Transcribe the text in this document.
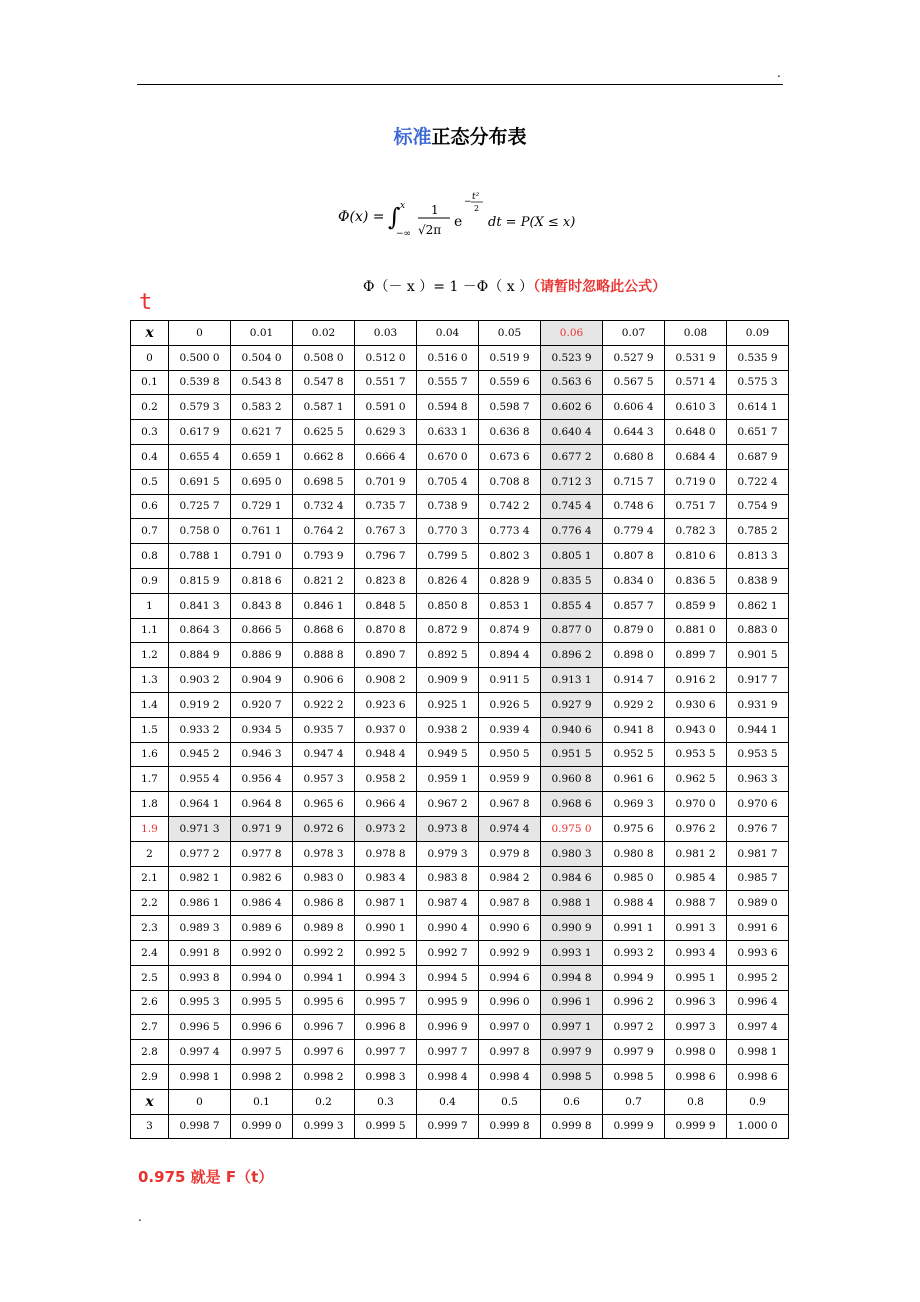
.
标准正态分布表
Φ(x) = ∫ x
−∞
1
√2π e
− t²
2
dt = P(X ≤ x)
Φ（－ x ）= 1 －Φ（ x ）（请暂时忽略此公式）
t
x	0	0.01	0.02	0.03	0.04	0.05	0.06	0.07	0.08	0.09
0	0.500 0	0.504 0	0.508 0	0.512 0	0.516 0	0.519 9	0.523 9	0.527 9	0.531 9	0.535 9
0.1	0.539 8	0.543 8	0.547 8	0.551 7	0.555 7	0.559 6	0.563 6	0.567 5	0.571 4	0.575 3
0.2	0.579 3	0.583 2	0.587 1	0.591 0	0.594 8	0.598 7	0.602 6	0.606 4	0.610 3	0.614 1
0.3	0.617 9	0.621 7	0.625 5	0.629 3	0.633 1	0.636 8	0.640 4	0.644 3	0.648 0	0.651 7
0.4	0.655 4	0.659 1	0.662 8	0.666 4	0.670 0	0.673 6	0.677 2	0.680 8	0.684 4	0.687 9
0.5	0.691 5	0.695 0	0.698 5	0.701 9	0.705 4	0.708 8	0.712 3	0.715 7	0.719 0	0.722 4
0.6	0.725 7	0.729 1	0.732 4	0.735 7	0.738 9	0.742 2	0.745 4	0.748 6	0.751 7	0.754 9
0.7	0.758 0	0.761 1	0.764 2	0.767 3	0.770 3	0.773 4	0.776 4	0.779 4	0.782 3	0.785 2
0.8	0.788 1	0.791 0	0.793 9	0.796 7	0.799 5	0.802 3	0.805 1	0.807 8	0.810 6	0.813 3
0.9	0.815 9	0.818 6	0.821 2	0.823 8	0.826 4	0.828 9	0.835 5	0.834 0	0.836 5	0.838 9
1	0.841 3	0.843 8	0.846 1	0.848 5	0.850 8	0.853 1	0.855 4	0.857 7	0.859 9	0.862 1
1.1	0.864 3	0.866 5	0.868 6	0.870 8	0.872 9	0.874 9	0.877 0	0.879 0	0.881 0	0.883 0
1.2	0.884 9	0.886 9	0.888 8	0.890 7	0.892 5	0.894 4	0.896 2	0.898 0	0.899 7	0.901 5
1.3	0.903 2	0.904 9	0.906 6	0.908 2	0.909 9	0.911 5	0.913 1	0.914 7	0.916 2	0.917 7
1.4	0.919 2	0.920 7	0.922 2	0.923 6	0.925 1	0.926 5	0.927 9	0.929 2	0.930 6	0.931 9
1.5	0.933 2	0.934 5	0.935 7	0.937 0	0.938 2	0.939 4	0.940 6	0.941 8	0.943 0	0.944 1
1.6	0.945 2	0.946 3	0.947 4	0.948 4	0.949 5	0.950 5	0.951 5	0.952 5	0.953 5	0.953 5
1.7	0.955 4	0.956 4	0.957 3	0.958 2	0.959 1	0.959 9	0.960 8	0.961 6	0.962 5	0.963 3
1.8	0.964 1	0.964 8	0.965 6	0.966 4	0.967 2	0.967 8	0.968 6	0.969 3	0.970 0	0.970 6
1.9	0.971 3	0.971 9	0.972 6	0.973 2	0.973 8	0.974 4	0.975 0	0.975 6	0.976 2	0.976 7
2	0.977 2	0.977 8	0.978 3	0.978 8	0.979 3	0.979 8	0.980 3	0.980 8	0.981 2	0.981 7
2.1	0.982 1	0.982 6	0.983 0	0.983 4	0.983 8	0.984 2	0.984 6	0.985 0	0.985 4	0.985 7
2.2	0.986 1	0.986 4	0.986 8	0.987 1	0.987 4	0.987 8	0.988 1	0.988 4	0.988 7	0.989 0
2.3	0.989 3	0.989 6	0.989 8	0.990 1	0.990 4	0.990 6	0.990 9	0.991 1	0.991 3	0.991 6
2.4	0.991 8	0.992 0	0.992 2	0.992 5	0.992 7	0.992 9	0.993 1	0.993 2	0.993 4	0.993 6
2.5	0.993 8	0.994 0	0.994 1	0.994 3	0.994 5	0.994 6	0.994 8	0.994 9	0.995 1	0.995 2
2.6	0.995 3	0.995 5	0.995 6	0.995 7	0.995 9	0.996 0	0.996 1	0.996 2	0.996 3	0.996 4
2.7	0.996 5	0.996 6	0.996 7	0.996 8	0.996 9	0.997 0	0.997 1	0.997 2	0.997 3	0.997 4
2.8	0.997 4	0.997 5	0.997 6	0.997 7	0.997 7	0.997 8	0.997 9	0.997 9	0.998 0	0.998 1
2.9	0.998 1	0.998 2	0.998 2	0.998 3	0.998 4	0.998 4	0.998 5	0.998 5	0.998 6	0.998 6
x	0	0.1	0.2	0.3	0.4	0.5	0.6	0.7	0.8	0.9
3	0.998 7	0.999 0	0.999 3	0.999 5	0.999 7	0.999 8	0.999 8	0.999 9	0.999 9	1.000 0
0.975 就是 F（t）
.
